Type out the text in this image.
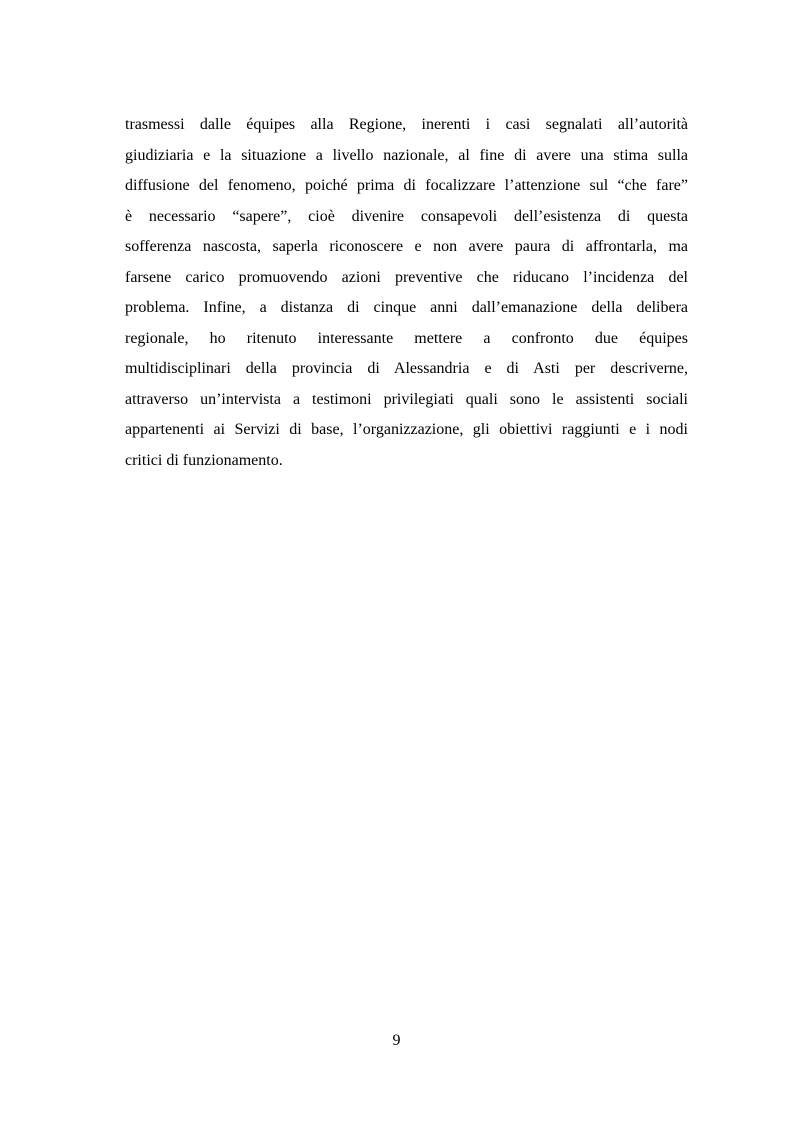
trasmessi dalle équipes alla Regione, inerenti i casi segnalati all’autorità
giudiziaria e la situazione a livello nazionale, al fine di avere una stima sulla
diffusione del fenomeno, poiché prima di focalizzare l’attenzione sul “che fare”
è necessario “sapere”, cioè divenire consapevoli dell’esistenza di questa
sofferenza nascosta, saperla riconoscere e non avere paura di affrontarla, ma
farsene carico promuovendo azioni preventive che riducano l’incidenza del
problema. Infine, a distanza di cinque anni dall’emanazione della delibera
regionale, ho ritenuto interessante mettere a confronto due équipes
multidisciplinari della provincia di Alessandria e di Asti per descriverne,
attraverso un’intervista a testimoni privilegiati quali sono le assistenti sociali
appartenenti ai Servizi di base, l’organizzazione, gli obiettivi raggiunti e i nodi
critici di funzionamento.
9
